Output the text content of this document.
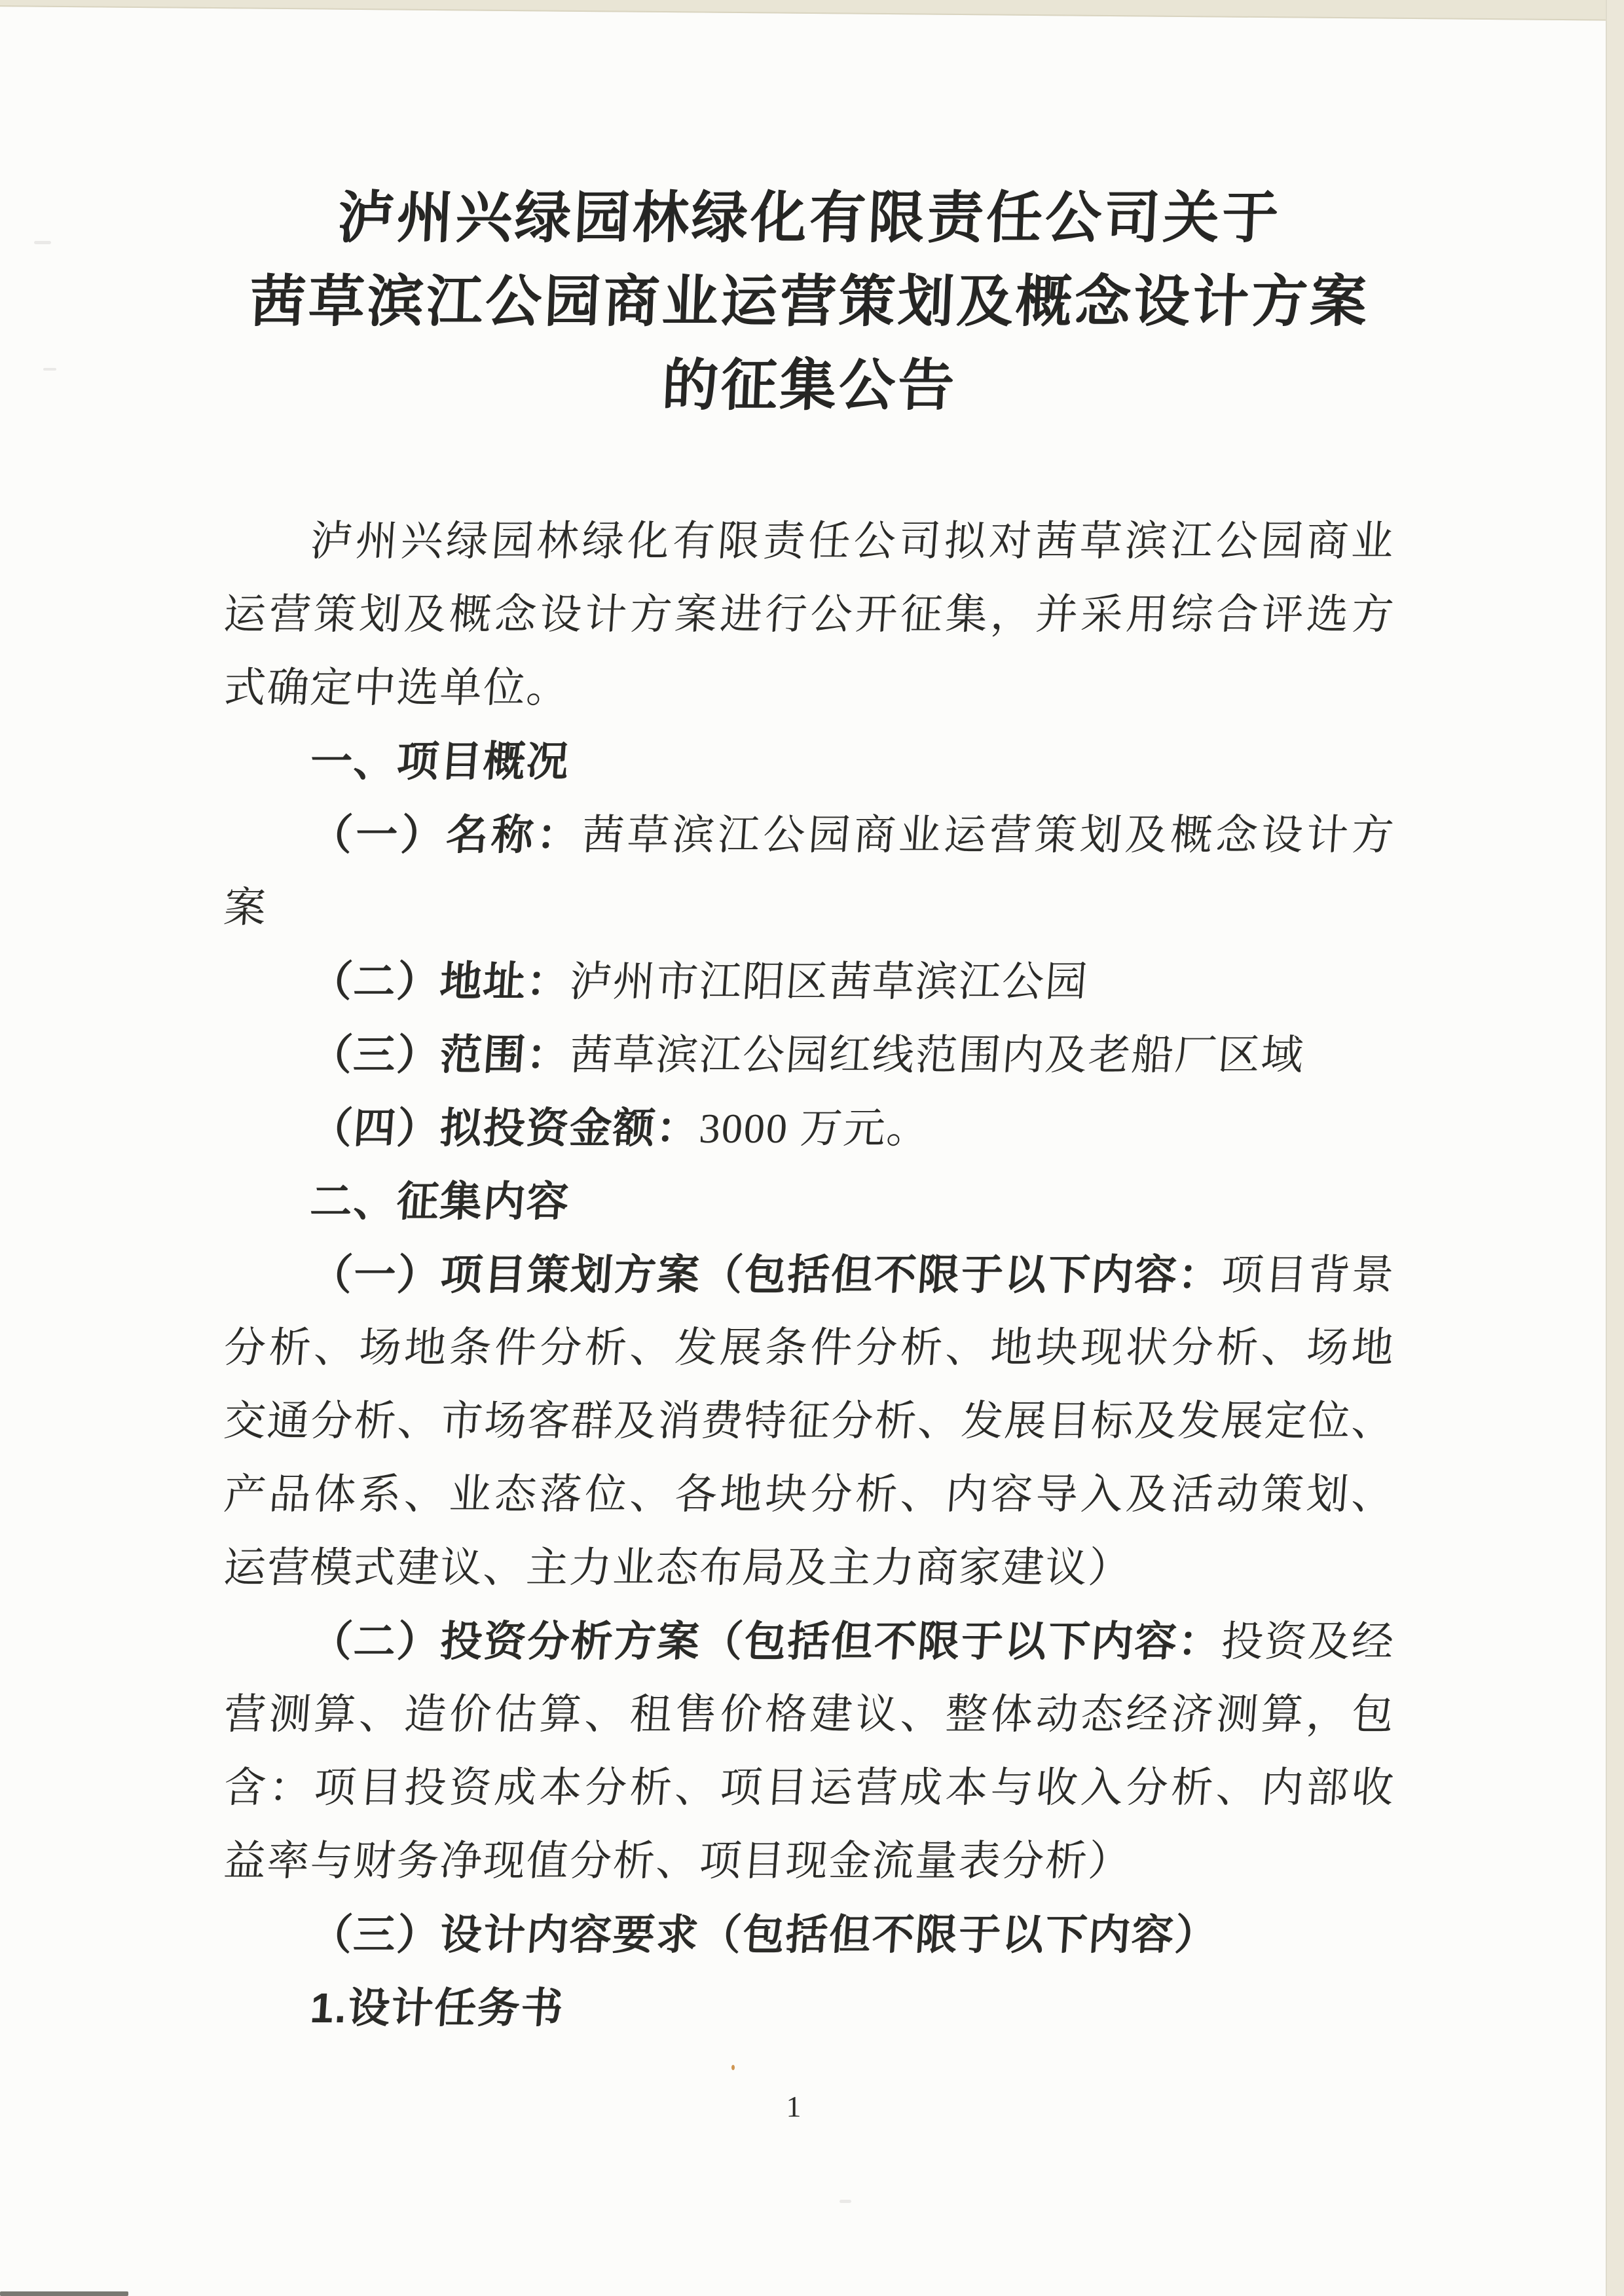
泸州兴绿园林绿化有限责任公司关于
茜草滨江公园商业运营策划及概念设计方案
的征集公告
泸州兴绿园林绿化有限责任公司拟对茜草滨江公园商业
运营策划及概念设计方案进行公开征集，并采用综合评选方
式确定中选单位。
一、项目概况
（一）名称：茜草滨江公园商业运营策划及概念设计方
案
（二）地址：泸州市江阳区茜草滨江公园
（三）范围：茜草滨江公园红线范围内及老船厂区域
（四）拟投资金额：3000 万元。
二、征集内容
（一）项目策划方案（包括但不限于以下内容：项目背景
分析、场地条件分析、发展条件分析、地块现状分析、场地
交通分析、市场客群及消费特征分析、发展目标及发展定位、
产品体系、业态落位、各地块分析、内容导入及活动策划、
运营模式建议、主力业态布局及主力商家建议）
（二）投资分析方案（包括但不限于以下内容：投资及经
营测算、造价估算、租售价格建议、整体动态经济测算，包
含：项目投资成本分析、项目运营成本与收入分析、内部收
益率与财务净现值分析、项目现金流量表分析）
（三）设计内容要求（包括但不限于以下内容）
1.设计任务书
1
